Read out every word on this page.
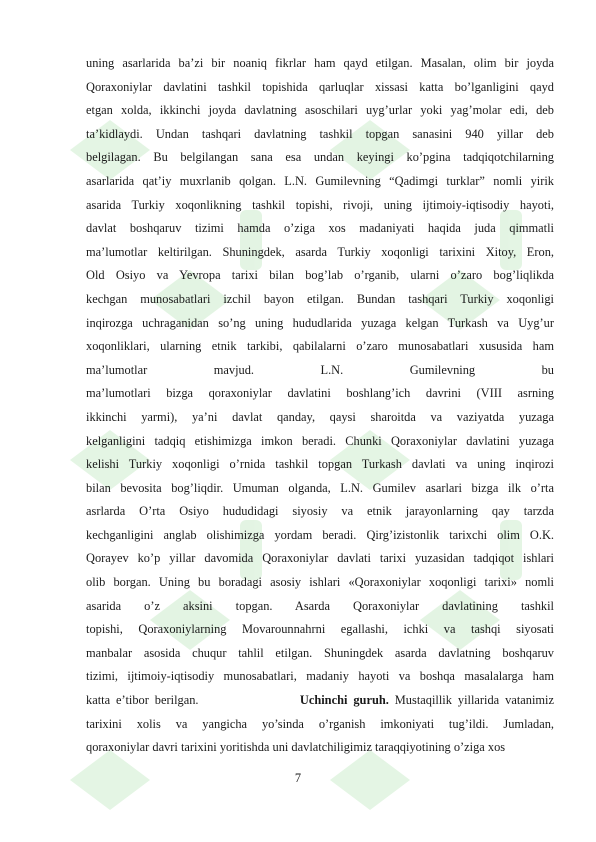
uning asarlarida ba’zi bir noaniq fikrlar ham qayd etilgan. Masalan, olim bir joyda
Qoraxoniylar davlatini tashkil topishida qarluqlar xissasi katta bo’lganligini qayd
etgan xolda, ikkinchi joyda davlatning asoschilari uyg’urlar yoki yag’molar edi, deb
ta’kidlaydi. Undan tashqari davlatning tashkil topgan sanasini 940 yillar deb
belgilagan. Bu belgilangan sana esa undan keyingi ko’pgina tadqiqotchilarning
asarlarida qat’iy muxrlanib qolgan. L.N. Gumilevning “Qadimgi turklar” nomli yirik
asarida Turkiy xoqonlikning tashkil topishi, rivoji, uning ijtimoiy-iqtisodiy hayoti,
davlat boshqaruv tizimi hamda o’ziga xos madaniyati haqida juda qimmatli
ma’lumotlar keltirilgan. Shuningdek, asarda Turkiy xoqonligi tarixini Xitoy, Eron,
Old Osiyo va Yevropa tarixi bilan bog’lab o’rganib, ularni o’zaro bog’liqlikda
kechgan munosabatlari izchil bayon etilgan. Bundan tashqari Turkiy xoqonligi
inqirozga uchraganidan so’ng uning hududlarida yuzaga kelgan Turkash va Uyg’ur
xoqonliklari, ularning etnik tarkibi, qabilalarni o’zaro munosabatlari xususida ham
ma’lumotlar mavjud. L.N. Gumilevning bu
ma’lumotlari bizga qoraxoniylar davlatini boshlang’ich davrini (VIII asrning
ikkinchi yarmi), ya’ni davlat qanday, qaysi sharoitda va vaziyatda yuzaga
kelganligini tadqiq etishimizga imkon beradi. Chunki Qoraxoniylar davlatini yuzaga
kelishi Turkiy xoqonligi o’rnida tashkil topgan Turkash davlati va uning inqirozi
bilan bevosita bog’liqdir. Umuman olganda, L.N. Gumilev asarlari bizga ilk o’rta
asrlarda O’rta Osiyo hududidagi siyosiy va etnik jarayonlarning qay tarzda
kechganligini anglab olishimizga yordam beradi. Qirg’izistonlik tarixchi olim O.K.
Qorayev ko’p yillar davomida Qoraxoniylar davlati tarixi yuzasidan tadqiqot ishlari
olib borgan. Uning bu boradagi asosiy ishlari «Qoraxoniylar xoqonligi tarixi» nomli
asarida o’z aksini topgan. Asarda Qoraxoniylar davlatining tashkil
topishi, Qoraxoniylarning Movarounnahrni egallashi, ichki va tashqi siyosati
manbalar asosida chuqur tahlil etilgan. Shuningdek asarda davlatning boshqaruv
tizimi, ijtimoiy-iqtisodiy munosabatlari, madaniy hayoti va boshqa masalalarga ham
katta e’tibor berilgan.                 Uchinchi guruh. Mustaqillik yillarida vatanimiz
tarixini xolis va yangicha yo’sinda o’rganish imkoniyati tug’ildi. Jumladan,
qoraxoniylar davri tarixini yoritishda uni davlatchiligimiz taraqqiyotining o’ziga xos
7
